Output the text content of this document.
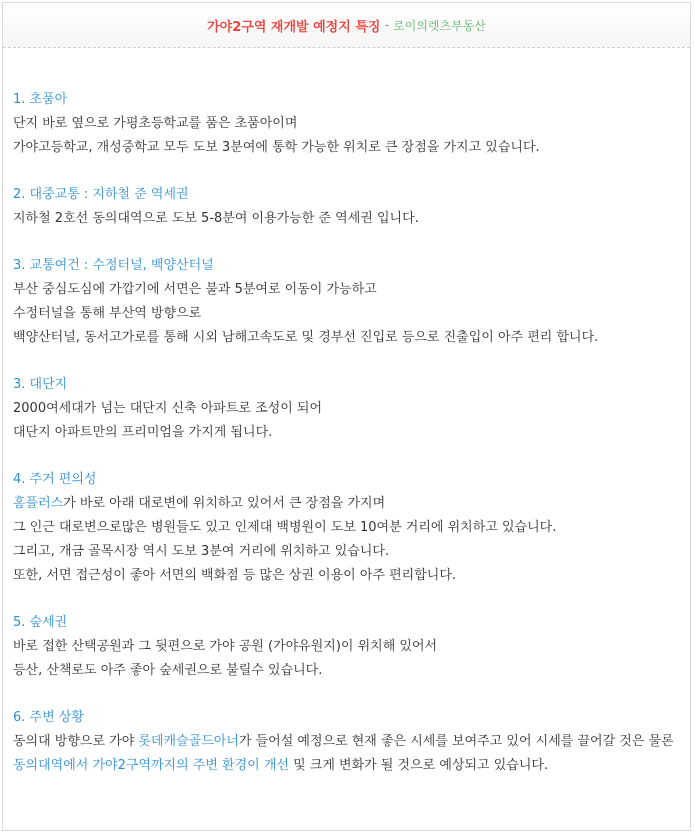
가야2구역 재개발 예정지 특징 - 로이의렛츠부동산
1. 초품아
단지 바로 옆으로 가평초등학교를 품은 초품아이며
가야고등학교, 개성중학교 모두 도보 3분여에 통학 가능한 위치로 큰 장점을 가지고 있습니다.
2. 대중교통 : 지하철 준 역세권
지하철 2호선 동의대역으로 도보 5-8분여 이용가능한 준 역세권 입니다.
3. 교통여건 : 수정터널, 백양산터널
부산 중심도심에 가깝기에 서면은 불과 5분여로 이동이 가능하고
수정터널을 통해 부산역 방향으로
백양산터널, 동서고가로를 통해 시외 남해고속도로 및 경부선 진입로 등으로 진출입이 아주 편리 합니다.
3. 대단지
2000여세대가 넘는 대단지 신축 아파트로 조성이 되어
대단지 아파트만의 프리미엄을 가지게 됩니다.
4. 주거 편의성
홈플러스가 바로 아래 대로변에 위치하고 있어서 큰 장점을 가지며
그 인근 대로변으로많은 병원들도 있고 인제대 백병원이 도보 10여분 거리에 위치하고 있습니다.
그리고, 개금 골목시장 역시 도보 3분여 거리에 위치하고 있습니다.
또한, 서면 접근성이 좋아 서면의 백화점 등 많은 상권 이용이 아주 편리합니다.
5. 숲세권
바로 접한 산택공원과 그 뒷편으로 가야 공원 (가야유원지)이 위치해 있어서
등산, 산책로도 아주 좋아 숲세권으로 불릴수 있습니다.
6. 주변 상황
동의대 방향으로 가야 롯데캐슬골드아너가 들어설 예정으로 현재 좋은 시세를 보여주고 있어 시세를 끌어갈 것은 물론동의대역에서 가야2구역까지의 주변 환경이 개선 및 크게 변화가 될 것으로 예상되고 있습니다.
